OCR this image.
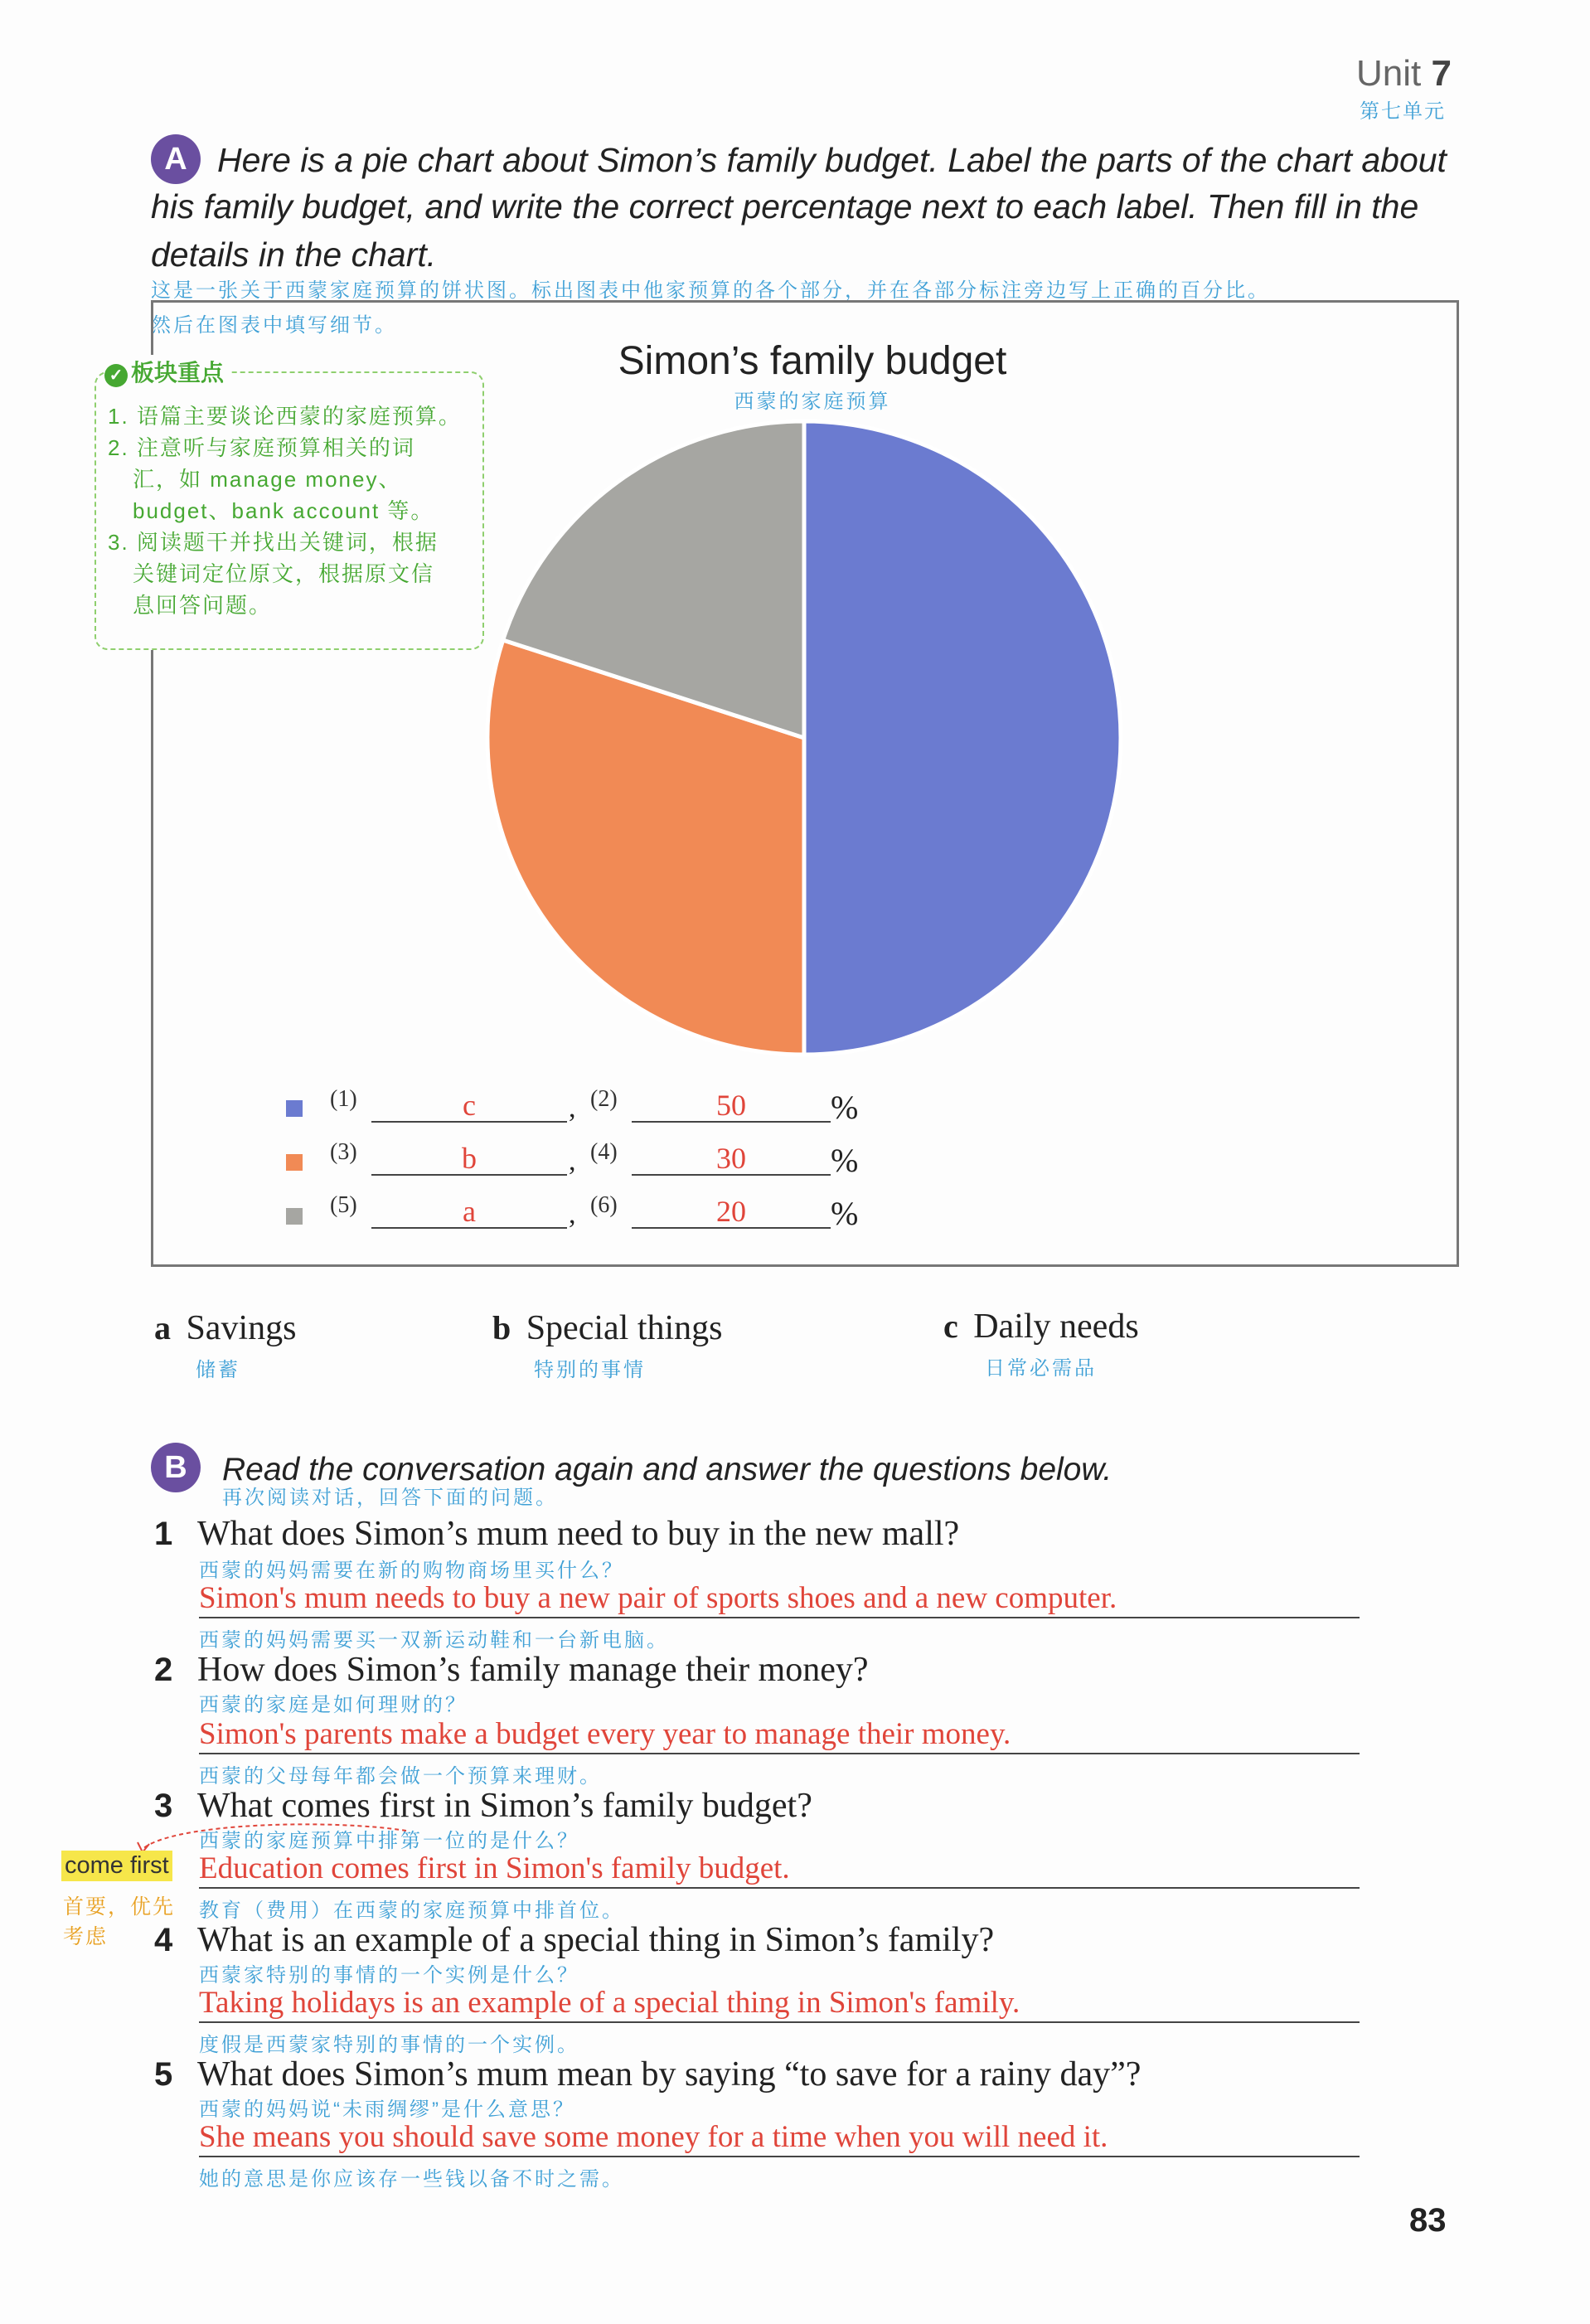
Unit 7
第七单元
A Here is a pie chart about Simon’s family budget. Label the parts of the chart about
his family budget, and write the correct percentage next to each label. Then fill in the
details in the chart.
这是一张关于西蒙家庭预算的饼状图。标出图表中他家预算的各个部分，并在各部分标注旁边写上正确的百分比。
然后在图表中填写细节。
✓ 板块重点
1. 语篇主要谈论西蒙的家庭预算。
2. 注意听与家庭预算相关的词
汇，如 manage money、
budget、bank account 等。
3. 阅读题干并找出关键词，根据
关键词定位原文，根据原文信
息回答问题。
Simon’s family budget
西蒙的家庭预算
(1)	c	, (2)	50	%
(3)	b	, (4)	30	%
(5)	a	, (6)	20	%
a Savings
储蓄
b Special things
特别的事情
c Daily needs
日常必需品
B	Read the conversation again and answer the questions below.
再次阅读对话，回答下面的问题。
1 What does Simon’s mum need to buy in the new mall?
西蒙的妈妈需要在新的购物商场里买什么？
Simon's mum needs to buy a new pair of sports shoes and a new computer.
西蒙的妈妈需要买一双新运动鞋和一台新电脑。
2 How does Simon’s family manage their money?
西蒙的家庭是如何理财的？
Simon's parents make a budget every year to manage their money.
西蒙的父母每年都会做一个预算来理财。
3 What comes first in Simon’s family budget?
西蒙的家庭预算中排第一位的是什么？
Education comes first in Simon's family budget.
教育（费用）在西蒙的家庭预算中排首位。
come first
首要，优先
考虑 4 What is an example of a special thing in Simon’s family?
西蒙家特别的事情的一个实例是什么？
Taking holidays is an example of a special thing in Simon's family.
度假是西蒙家特别的事情的一个实例。
5 What does Simon’s mum mean by saying “to save for a rainy day”?
西蒙的妈妈说“未雨绸缪”是什么意思？
She means you should save some money for a time when you will need it.
她的意思是你应该存一些钱以备不时之需。
83
